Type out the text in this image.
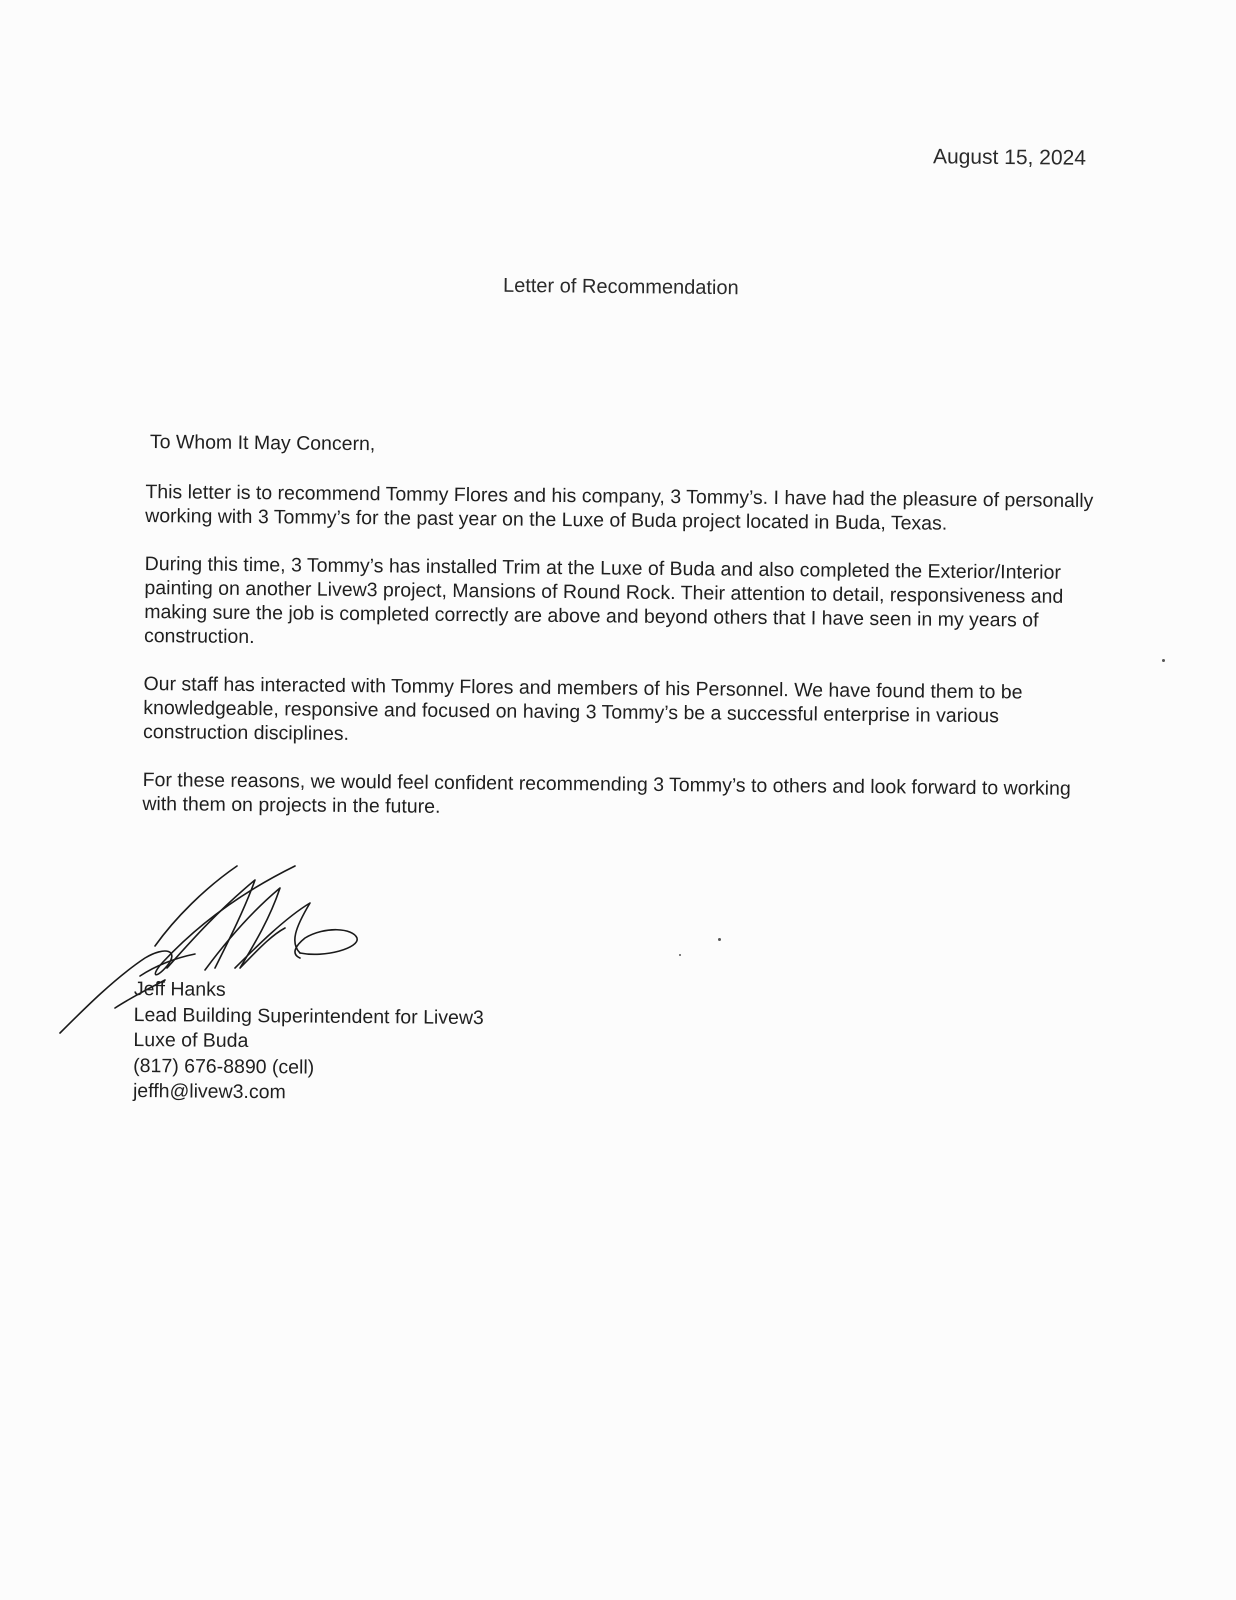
August 15, 2024
Letter of Recommendation
To Whom It May Concern,
This letter is to recommend Tommy Flores and his company, 3 Tommy’s. I have had the pleasure of personally working with 3 Tommy’s for the past year on the Luxe of Buda project located in Buda, Texas.
During this time, 3 Tommy’s has installed Trim at the Luxe of Buda and also completed the Exterior/Interior painting on another Livew3 project, Mansions of Round Rock. Their attention to detail, responsiveness and making sure the job is completed correctly are above and beyond others that I have seen in my years of construction.
Our staff has interacted with Tommy Flores and members of his Personnel. We have found them to be knowledgeable, responsive and focused on having 3 Tommy’s be a successful enterprise in various construction disciplines.
For these reasons, we would feel confident recommending 3 Tommy’s to others and look forward to working with them on projects in the future.
Jeff Hanks
Lead Building Superintendent for Livew3
Luxe of Buda
(817) 676-8890 (cell)
jeffh@livew3.com
